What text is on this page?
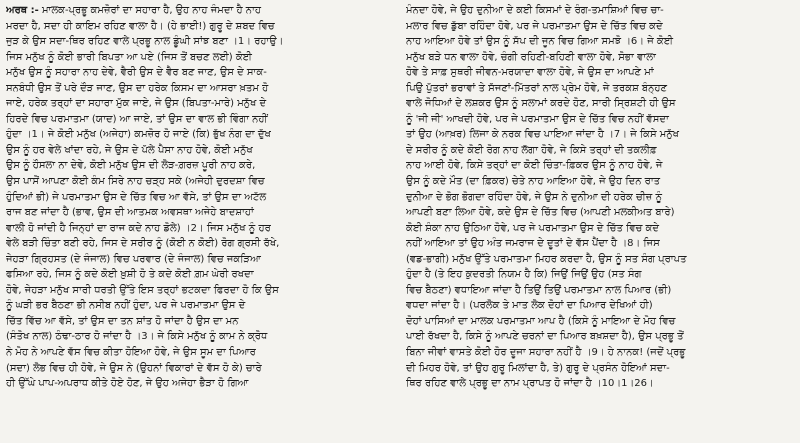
ਅਰਥ :- ਮਾਲਕ-ਪ੍ਰਭੂ ਕਮਜ਼ੋਰਾਂ ਦਾ ਸਹਾਰਾ ਹੈ, ਉਹ ਨਾਹ ਜੰਮਦਾ ਹੈ ਨਾਹ
ਮਰਦਾ ਹੈ, ਸਦਾ ਹੀ ਕਾਇਮ ਰਹਿਣ ਵਾਲਾ ਹੈ। (ਹੇ ਭਾਈ!) ਗੁਰੂ ਦੇ ਸ਼ਬਦ ਵਿਚ
ਜੁੜ ਕੇ ਉਸ ਸਦਾ-ਥਿਰ ਰਹਿਣ ਵਾਲੇ ਪ੍ਰਭੂ ਨਾਲ ਡੂੰਘੀ ਸਾਂਝ ਬਣਾ ।1। ਰਹਾਉ।
ਜਿਸ ਮਨੁੱਖ ਨੂੰ ਕੋਈ ਭਾਰੀ ਬਿਪਤਾ ਆ ਪਏ (ਜਿਸ ਤੋਂ ਬਚਣ ਲਈ) ਕੋਈ
ਮਨੁੱਖ ਉਸ ਨੂੰ ਸਹਾਰਾ ਨਾਹ ਦੇਵੇ, ਵੈਰੀ ਉਸ ਦੇ ਵੈਰ ਬਣ ਜਾਣ, ਉਸ ਦੇ ਸਾਕ-
ਸਨਬੰਧੀ ਉਸ ਤੋਂ ਪਰੇ ਦੌੜ ਜਾਣ, ਉਸ ਦਾ ਹਰੇਕ ਕਿਸਮ ਦਾ ਆਸਰਾ ਖ਼ਤਮ ਹੋ
ਜਾਏ, ਹਰੇਕ ਤਰ੍ਹਾਂ ਦਾ ਸਹਾਰਾ ਮੁੱਕ ਜਾਏ, ਜੇ ਉਸ (ਬਿਪਤਾ-ਮਾਰੇ) ਮਨੁੱਖ ਦੇ
ਹਿਰਦੇ ਵਿਚ ਪਰਮਾਤਮਾ (ਯਾਦ) ਆ ਜਾਏ, ਤਾਂ ਉਸ ਦਾ ਵਾਲ ਭੀ ਵਿੰਗਾ ਨਹੀਂ
ਹੁੰਦਾ ।1। ਜੇ ਕੋਈ ਮਨੁੱਖ (ਅਜੇਹਾ) ਕਮਜ਼ੋਰ ਹੋ ਜਾਏ (ਕਿ) ਭੁੱਖ ਨੰਗ ਦਾ ਦੁੱਖ
ਉਸ ਨੂੰ ਹਰ ਵੇਲੇ ਖਾਂਦਾ ਰਹੇ, ਜੇ ਉਸ ਦੇ ਪੱਲੇ ਪੈਸਾ ਨਾਹ ਹੋਵੇ, ਕੋਈ ਮਨੁੱਖ
ਉਸ ਨੂੰ ਹੌਸਲਾ ਨਾ ਦੇਵੇ, ਕੋਈ ਮਨੁੱਖ ਉਸ ਦੀ ਲੋੜ-ਗ਼ਰਜ਼ ਪੂਰੀ ਨਾਹ ਕਰੇ,
ਉਸ ਪਾਸੋਂ ਆਪਣਾ ਕੋਈ ਕੰਮ ਸਿਰੇ ਨਾਹ ਚੜ੍ਹ ਸਕੇ (ਅਜੇਹੀ ਦੁਰਦਸ਼ਾ ਵਿਚ
ਹੁੰਦਿਆਂ ਭੀ) ਜੇ ਪਰਮਾਤਮਾ ਉਸ ਦੇ ਚਿੱਤ ਵਿਚ ਆ ਵੱਸੇ, ਤਾਂ ਉਸ ਦਾ ਅਟੱਲ
ਰਾਜ ਬਣ ਜਾਂਦਾ ਹੈ (ਭਾਵ, ਉਸ ਦੀ ਆਤਮਕ ਅਵਸਥਾ ਅਜੇਹੇ ਬਾਦਸ਼ਾਹਾਂ
ਵਾਲੀ ਹੋ ਜਾਂਦੀ ਹੈ ਜਿਨ੍ਹਾਂ ਦਾ ਰਾਜ ਕਦੇ ਨਾਹ ਡੋਲੇ) ।2। ਜਿਸ ਮਨੁੱਖ ਨੂੰ ਹਰ
ਵੇਲੇ ਬੜੀ ਚਿੰਤਾ ਬਣੀ ਰਹੇ, ਜਿਸ ਦੇ ਸਰੀਰ ਨੂੰ (ਕੋਈ ਨ ਕੋਈ) ਰੋਗ ਗ੍ਰਸੀ ਰੱਖੇ,
ਜੇਹੜਾ ਗ੍ਰਿਹਸਤ (ਦੇ ਜੰਜਾਲ) ਵਿਚ ਪਰਵਾਰ (ਦੇ ਜੰਜਾਲ) ਵਿਚ ਜਕੜਿਆ
ਫਸਿਆ ਰਹੇ, ਜਿਸ ਨੂੰ ਕਦੇ ਕੋਈ ਖ਼ੁਸ਼ੀ ਹੋ ਤੇ ਕਦੇ ਕੋਈ ਗ਼ਮ ਘੇਰੀ ਰਖਦਾ
ਹੋਵੇ, ਜੇਹੜਾ ਮਨੁੱਖ ਸਾਰੀ ਧਰਤੀ ਉੱਤੇ ਇਸ ਤਰ੍ਹਾਂ ਭਟਕਦਾ ਫਿਰਦਾ ਹੋ ਕਿ ਉਸ
ਨੂੰ ਘੜੀ ਭਰ ਬੈਠਣਾ ਭੀ ਨਸੀਬ ਨਹੀਂ ਹੁੰਦਾ, ਪਰ ਜੇ ਪਰਮਾਤਮਾ ਉਸ ਦੇ
ਚਿੱਤ ਵਿੱਚ ਆ ਵੱਸੇ, ਤਾਂ ਉਸ ਦਾ ਤਨ ਸ਼ਾਂਤ ਹੋ ਜਾਂਦਾ ਹੈ ਉਸ ਦਾ ਮਨ
(ਸੰਤੋਖ ਨਾਲ) ਠੰਢਾ-ਠਾਰ ਹੋ ਜਾਂਦਾ ਹੈ ।3। ਜੇ ਕਿਸੇ ਮਨੁੱਖ ਨੂੰ ਕਾਮ ਨੇ ਕ੍ਰੋਧ
ਨੇ ਮੋਹ ਨੇ ਆਪਣੇ ਵੱਸ ਵਿਚ ਕੀਤਾ ਹੋਇਆ ਹੋਵੇ, ਜੇ ਉਸ ਸੂਮ ਦਾ ਪਿਆਰ
(ਸਦਾ) ਲੋਭ ਵਿਚ ਹੀ ਹੋਵੇ, ਜੇ ਉਸ ਨੇ (ਉਹਨਾਂ ਵਿਕਾਰਾਂ ਦੇ ਵੱਸ ਹੋ ਕੇ) ਚਾਰੇ
ਹੀ ਉੱਘੇ ਪਾਪ-ਅਪਰਾਧ ਕੀਤੇ ਹੋਏ ਹੋਣ, ਜੇ ਉਹ ਅਜੇਹਾ ਭੈੜਾ ਹੋ ਗਿਆ
ਮੰਨਦਾ ਹੋਵੇ, ਜੇ ਉਹ ਦੁਨੀਆ ਦੇ ਕਈ ਕਿਸਮਾਂ ਦੇ ਰੰਗ-ਤਮਾਸ਼ਿਆਂ ਵਿਚ ਚਾ-
ਮਲਾਰ ਵਿਚ ਡੁੱਬਾ ਰਹਿੰਦਾ ਹੋਵੇ, ਪਰ ਜੇ ਪਰਮਾਤਮਾ ਉਸ ਦੇ ਚਿੱਤ ਵਿਚ ਕਦੇ
ਨਾਹ ਆਇਆ ਹੋਵੇ ਤਾਂ ਉਸ ਨੂੰ ਸੱਪ ਦੀ ਜੂਨ ਵਿਚ ਗਿਆ ਸਮਝੋ ।6। ਜੇ ਕੋਈ
ਮਨੁੱਖ ਬੜੇ ਧਨ ਵਾਲਾ ਹੋਵੇ, ਚੰਗੀ ਰਹਿਣੀ-ਬਹਿਣੀ ਵਾਲਾ ਹੋਵੇ, ਸੋਭਾ ਵਾਲਾ
ਹੋਵੇ ਤੇ ਸਾਫ਼ ਸੁਥਰੀ ਜੀਵਨ-ਮਰਯਾਦਾ ਵਾਲਾ ਹੋਵੇ, ਜੇ ਉਸ ਦਾ ਆਪਣੇ ਮਾਂ
ਪਿਉ ਪੁੱਤਰਾਂ ਭਰਾਵਾਂ ਤੇ ਸੱਜਣਾਂ-ਮਿੱਤਰਾਂ ਨਾਲ ਪ੍ਰੇਮ ਹੋਵੇ, ਜੇ ਤਰਕਸ਼ ਬੰਨ੍ਹਣ
ਵਾਲੇ ਜੋਧਿਆਂ ਦੇ ਲਸ਼ਕਰ ਉਸ ਨੂੰ ਸਲਾਮਾਂ ਕਰਦੇ ਹੋਣ, ਸਾਰੀ ਸ੍ਰਿਸ਼ਟੀ ਹੀ ਉਸ
ਨੂੰ 'ਜੀ ਜੀ' ਆਖਦੀ ਹੋਵੇ, ਪਰ ਜੇ ਪਰਮਾਤਮਾ ਉਸ ਦੇ ਚਿੱਤ ਵਿਚ ਨਹੀਂ ਵੱਸਦਾ
ਤਾਂ ਉਹ (ਆਖ਼ਰ) ਲਿਜਾ ਕੇ ਨਰਕ ਵਿਚ ਪਾਇਆ ਜਾਂਦਾ ਹੈ ।7। ਜੇ ਕਿਸੇ ਮਨੁੱਖ
ਦੇ ਸਰੀਰ ਨੂੰ ਕਦੇ ਕੋਈ ਰੋਗ ਨਾਹ ਲੱਗਾ ਹੋਵੇ, ਜੇ ਕਿਸੇ ਤਰ੍ਹਾਂ ਦੀ ਤਕਲੀਫ਼
ਨਾਹ ਆਈ ਹੋਵੇ, ਕਿਸੇ ਤਰ੍ਹਾਂ ਦਾ ਕੋਈ ਚਿੰਤਾ-ਫ਼ਿਕਰ ਉਸ ਨੂੰ ਨਾਹ ਹੋਵੇ, ਜੇ
ਉਸ ਨੂੰ ਕਦੇ ਮੌਤ (ਦਾ ਫ਼ਿਕਰ) ਚੇਤੇ ਨਾਹ ਆਇਆ ਹੋਵੇ, ਜੇ ਉਹ ਦਿਨ ਰਾਤ
ਦੁਨੀਆ ਦੇ ਭੋਗ ਭੋਗਦਾ ਰਹਿੰਦਾ ਹੋਵੇ, ਜੇ ਉਸ ਨੇ ਦੁਨੀਆ ਦੀ ਹਰੇਕ ਚੀਜ਼ ਨੂੰ
ਆਪਣੀ ਬਣਾ ਲਿਆ ਹੋਵੇ, ਕਦੇ ਉਸ ਦੇ ਚਿੱਤ ਵਿਚ (ਆਪਣੀ ਮਲਕੀਅਤ ਬਾਰੇ)
ਕੋਈ ਸ਼ੰਕਾ ਨਾਹ ਉਠਿਆ ਹੋਵੇ, ਪਰ ਜੇ ਪਰਮਾਤਮਾ ਉਸ ਦੇ ਚਿੱਤ ਵਿਚ ਕਦੇ
ਨਹੀਂ ਆਇਆ ਤਾਂ ਉਹ ਅੰਤ ਜਮਰਾਜ ਦੇ ਦੂਤਾਂ ਦੇ ਵੱਸ ਪੈਂਦਾ ਹੈ ।8। ਜਿਸ
(ਵਡ-ਭਾਗੀ) ਮਨੁੱਖ ਉੱਤੇ ਪਰਮਾਤਮਾ ਮਿਹਰ ਕਰਦਾ ਹੈ, ਉਸ ਨੂੰ ਸਤ ਸੰਗ ਪ੍ਰਾਪਤ
ਹੁੰਦਾ ਹੈ (ਤੇ ਇਹ ਕੁਦਰਤੀ ਨਿਯਮ ਹੈ ਕਿ) ਜਿਉਂ ਜਿਉਂ ਉਹ (ਸਤ ਸੰਗ
ਵਿਚ ਬੈਠਣਾ) ਵਧਾਇਆ ਜਾਂਦਾ ਹੈ ਤਿਉਂ ਤਿਉਂ ਪਰਮਾਤਮਾ ਨਾਲ ਪਿਆਰ (ਭੀ)
ਵਧਦਾ ਜਾਂਦਾ ਹੈ। (ਪਰਲੋਕ ਤੇ ਮਾਤ ਲੋਕ ਦੋਹਾਂ ਦਾ ਪਿਆਰ ਦੇਖਿਆਂ ਹੀ)
ਦੋਹਾਂ ਪਾਸਿਆਂ ਦਾ ਮਾਲਕ ਪਰਮਾਤਮਾ ਆਪ ਹੈ (ਕਿਸੇ ਨੂੰ ਮਾਇਆ ਦੇ ਮੋਹ ਵਿਚ
ਪਾਈ ਰੱਖਦਾ ਹੈ, ਕਿਸੇ ਨੂੰ ਆਪਣੇ ਚਰਨਾਂ ਦਾ ਪਿਆਰ ਬਖ਼ਸ਼ਦਾ ਹੈ), ਉਸ ਪ੍ਰਭੂ ਤੋਂ
ਬਿਨਾ ਜੀਵਾਂ ਵਾਸਤੇ ਕੋਈ ਹੋਰ ਦੂਜਾ ਸਹਾਰਾ ਨਹੀਂ ਹੈ ।9। ਹੇ ਨਾਨਕ! (ਜਦੋਂ ਪ੍ਰਭੂ
ਦੀ ਮਿਹਰ ਹੋਵੇ, ਤਾਂ ਉਹ ਗੁਰੂ ਮਿਲਾਂਦਾ ਹੈ, ਤੇ) ਗੁਰੂ ਦੇ ਪ੍ਰਸੰਨ ਹੋਇਆਂ ਸਦਾ-
ਥਿਰ ਰਹਿਣ ਵਾਲੇ ਪ੍ਰਭੂ ਦਾ ਨਾਮ ਪ੍ਰਾਪਤ ਹੋ ਜਾਂਦਾ ਹੈ ।10।1।26।
